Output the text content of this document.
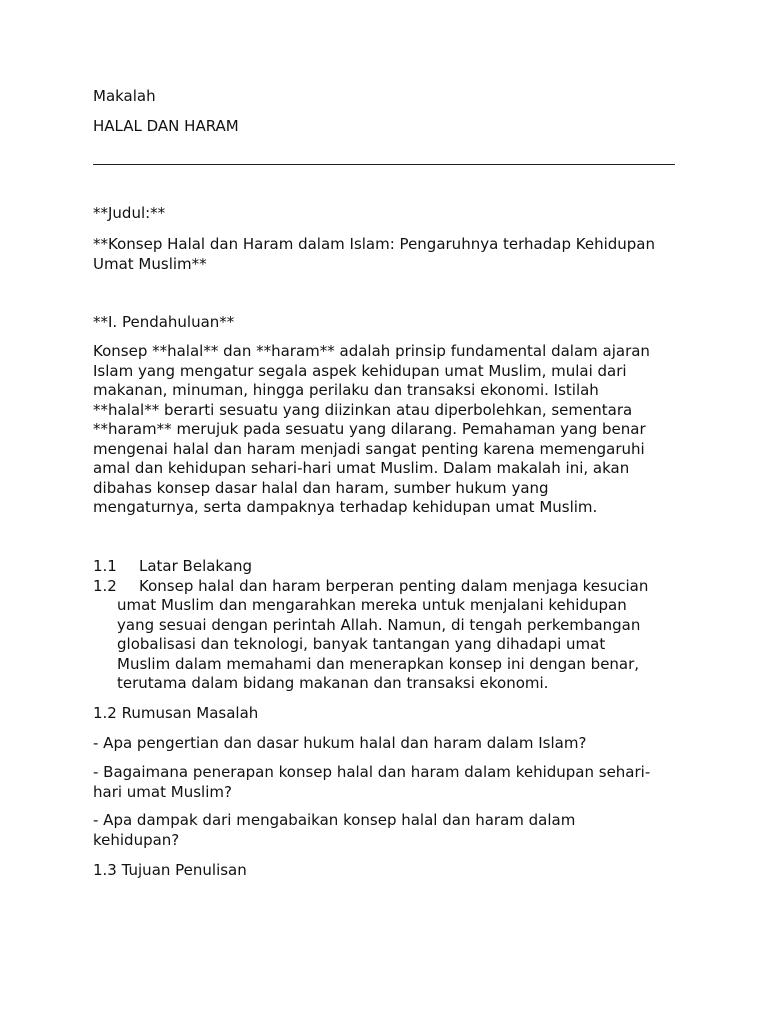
Makalah

HALAL DAN HARAM

**Judul:**

**Konsep Halal dan Haram dalam Islam: Pengaruhnya terhadap Kehidupan

Umat Muslim**

**I. Pendahuluan**

Konsep **halal** dan **haram** adalah prinsip fundamental dalam ajaran

Islam yang mengatur segala aspek kehidupan umat Muslim, mulai dari

makanan, minuman, hingga perilaku dan transaksi ekonomi. Istilah

**halal** berarti sesuatu yang diizinkan atau diperbolehkan, sementara

**haram** merujuk pada sesuatu yang dilarang. Pemahaman yang benar

mengenai halal dan haram menjadi sangat penting karena memengaruhi

amal dan kehidupan sehari-hari umat Muslim. Dalam makalah ini, akan

dibahas konsep dasar halal dan haram, sumber hukum yang

mengaturnya, serta dampaknya terhadap kehidupan umat Muslim.

1.1	Latar Belakang
1.2	Konsep halal dan haram berperan penting dalam menjaga kesucian

umat Muslim dan mengarahkan mereka untuk menjalani kehidupan

yang sesuai dengan perintah Allah. Namun, di tengah perkembangan

globalisasi dan teknologi, banyak tantangan yang dihadapi umat

Muslim dalam memahami dan menerapkan konsep ini dengan benar,

terutama dalam bidang makanan dan transaksi ekonomi.

1.2 Rumusan Masalah

- Apa pengertian dan dasar hukum halal dan haram dalam Islam?

- Bagaimana penerapan konsep halal dan haram dalam kehidupan sehari-

hari umat Muslim?

- Apa dampak dari mengabaikan konsep halal dan haram dalam

kehidupan?

1.3 Tujuan Penulisan
